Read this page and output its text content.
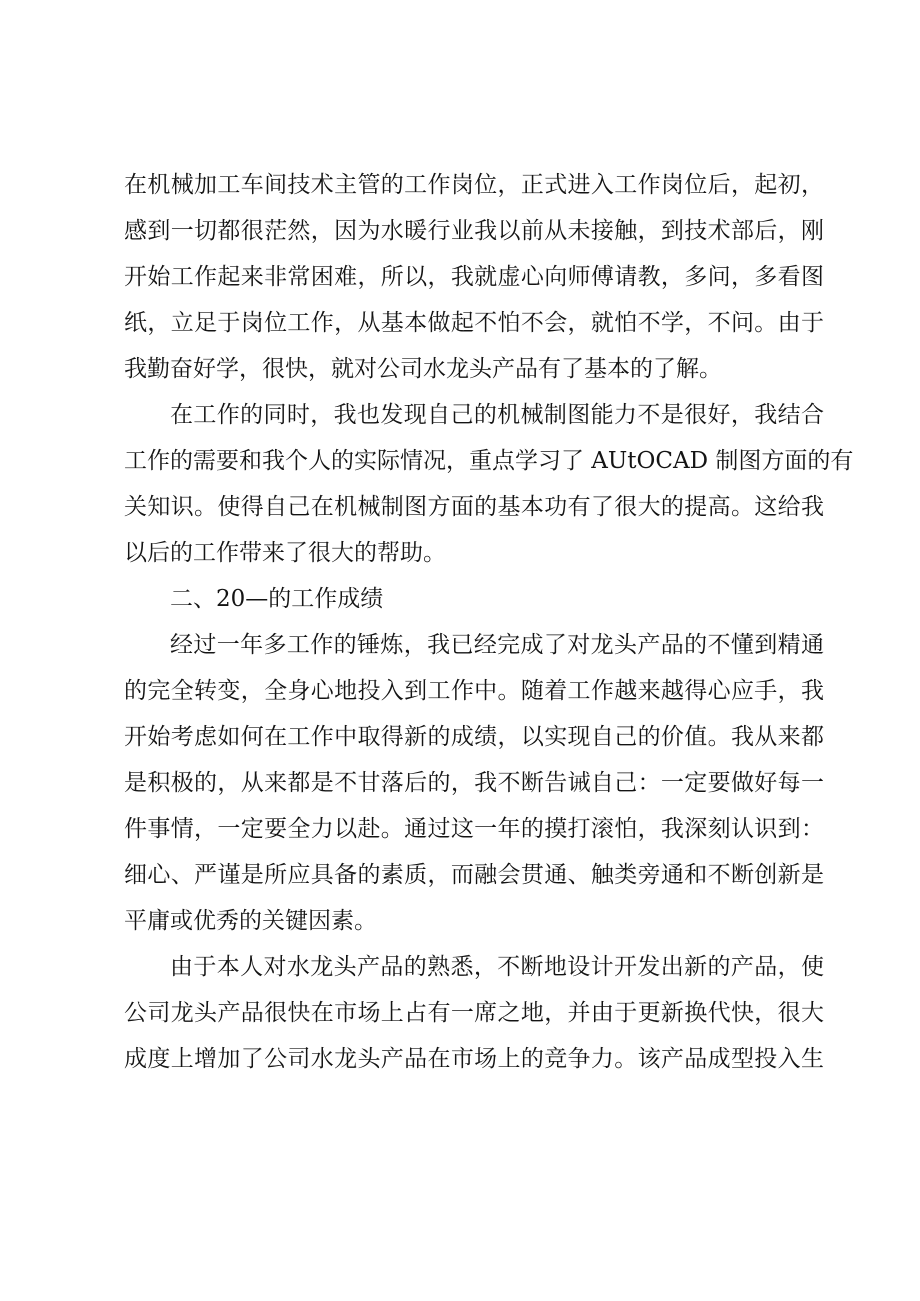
在机械加工车间技术主管的工作岗位，正式进入工作岗位后，起初，
感到一切都很茫然，因为水暖行业我以前从未接触，到技术部后，刚
开始工作起来非常困难，所以，我就虚心向师傅请教，多问，多看图
纸，立足于岗位工作，从基本做起不怕不会，就怕不学，不问。由于
我勤奋好学，很快，就对公司水龙头产品有了基本的了解。
在工作的同时，我也发现自己的机械制图能力不是很好，我结合
工作的需要和我个人的实际情况，重点学习了 AUtOCAD 制图方面的有
关知识。使得自己在机械制图方面的基本功有了很大的提高。这给我
以后的工作带来了很大的帮助。
二、20—的工作成绩
经过一年多工作的锤炼，我已经完成了对龙头产品的不懂到精通
的完全转变，全身心地投入到工作中。随着工作越来越得心应手，我
开始考虑如何在工作中取得新的成绩，以实现自己的价值。我从来都
是积极的，从来都是不甘落后的，我不断告诫自己：一定要做好每一
件事情，一定要全力以赴。通过这一年的摸打滚怕，我深刻认识到：
细心、严谨是所应具备的素质，而融会贯通、触类旁通和不断创新是
平庸或优秀的关键因素。
由于本人对水龙头产品的熟悉，不断地设计开发出新的产品，使
公司龙头产品很快在市场上占有一席之地，并由于更新换代快，很大
成度上增加了公司水龙头产品在市场上的竞争力。该产品成型投入生
